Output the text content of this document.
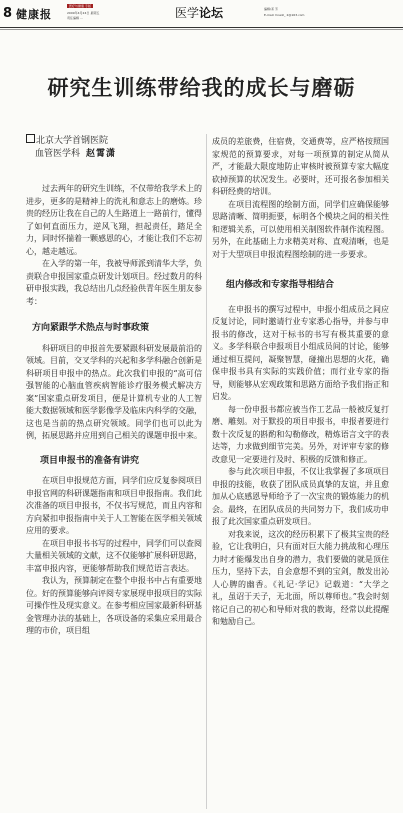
8 健康报
医疗与健康 专版
2009年4月24日 星期五
责任编辑 ...	医学论坛	编辑/邓 芳
E-mail: hnwzl_ 2@163.com
研究生训练带给我的成长与磨砺
北京大学首钢医院
血管医学科 赵霄潇

过去两年的研究生训练，不仅带给我学术上的进步，更多的是精神上的洗礼和意志上的磨炼。珍贵的经历让我在自己的人生路道上一路前行，懂得了如何直面压力，逆风飞翔，担起责任，踏足全力，同时怀揣着一颗感恩的心，才能让我们不忘初心，越走越远。

在入学的第一年，我被导师派到清华大学，负责联合申报国家重点研发计划项目。经过数月的科研申报实践，我总结出几点经验供青年医生朋友参考：

方向紧跟学术热点与时事政策

科研项目的申报首先要紧跟科研发展最前沿的领域。目前，交叉学科的兴起和多学科融合创新是科研项目申报中的热点。此次我们申报的“高可信强智能的心脑血管疾病智能诊疗服务模式解决方案”国家重点研发项目，便是计算机专业的人工智能大数据领域和医学影像学及临床内科学的交融，这也是当前的热点研究领域。同学们也可以此为例，拓展思路并应用到自己相关的课题申报中来。

项目申报书的准备有讲究

在项目申报规范方面，同学们应反复参阅项目申报官网的科研课题指南和项目申报指南。我们此次准备的项目申报书，不仅书写规范，而且内容和方向紧扣申报指南中关于人工智能在医学相关领域应用的要求。

在项目申报书书写的过程中，同学们可以查阅大量相关领域的文献，这不仅能够扩展科研思路，丰富申报内容，更能够帮助我们规范语言表达。

我认为，预算制定在整个申报书中占有重要地位。好的预算能够向评阅专家展现申报项目的实际可操作性及现实意义。在参考相应国家最新科研基金管理办法的基础上，各项设备的采集应采用最合理的市价，项目组

成员的差旅费，住宿费，交通费等，应严格按照国家规范的预算要求，对每一项预算的制定从简从严，才能最大限度地防止审核时被预算专家大幅度砍掉预算的状况发生。必要时，还可报名参加相关科研经费的培训。

在项目流程图的绘制方面，同学们应确保能够思路清晰、简明扼要，标明各个模块之间的相关性和逻辑关系，可以使用相关制图软件制作流程图。另外，在此基础上力求精美对称、直观清晰，也是对于大型项目申报流程图绘制的进一步要求。

组内修改和专家指导相结合

在申报书的撰写过程中，申报小组成员之间应反复讨论，同时邀请行业专家悉心指导，并参与申报书的修改，这对于标书的书写有极其重要的意义。多学科联合申报项目小组成员间的讨论，能够通过相互提问，凝聚智慧，碰撞出思想的火花，确保申报书具有实际的实践价值；而行业专家的指导，则能够从宏观政策和思路方面给予我们指正和启发。

每一份申报书都应被当作工艺品一般被反复打磨、雕刻。对于默投的项目申报书，申报者要进行数十次反复的斟酌和勾勒修改，精炼语言文字的表达等，力求做到细节完美。另外，对评审专家的修改意见一定要进行及时、积极的反馈和修正。

参与此次项目申报，不仅让我掌握了多项项目申报的技能，收获了团队成员真挚的友谊，并且愈加从心底感恩导师给予了一次宝贵的锻炼能力的机会。最终，在团队成员的共同努力下，我们成功申报了此次国家重点研发项目。

对我来说，这次的经历积累下了极其宝贵的经验，它让我明白，只有面对巨大能力挑战和心理压力时才能爆发出自身的潜力，我们要做的就是顶住压力，坚持下去，自会意想不到的宝剑，散发出沁人心脾的幽香。《礼记·学记》记载道：“大学之礼，虽诏于天子，无北面，所以尊师也。”我会时刻铭记自己的初心和导师对我的教诲，经常以此提醒和勉励自己。
